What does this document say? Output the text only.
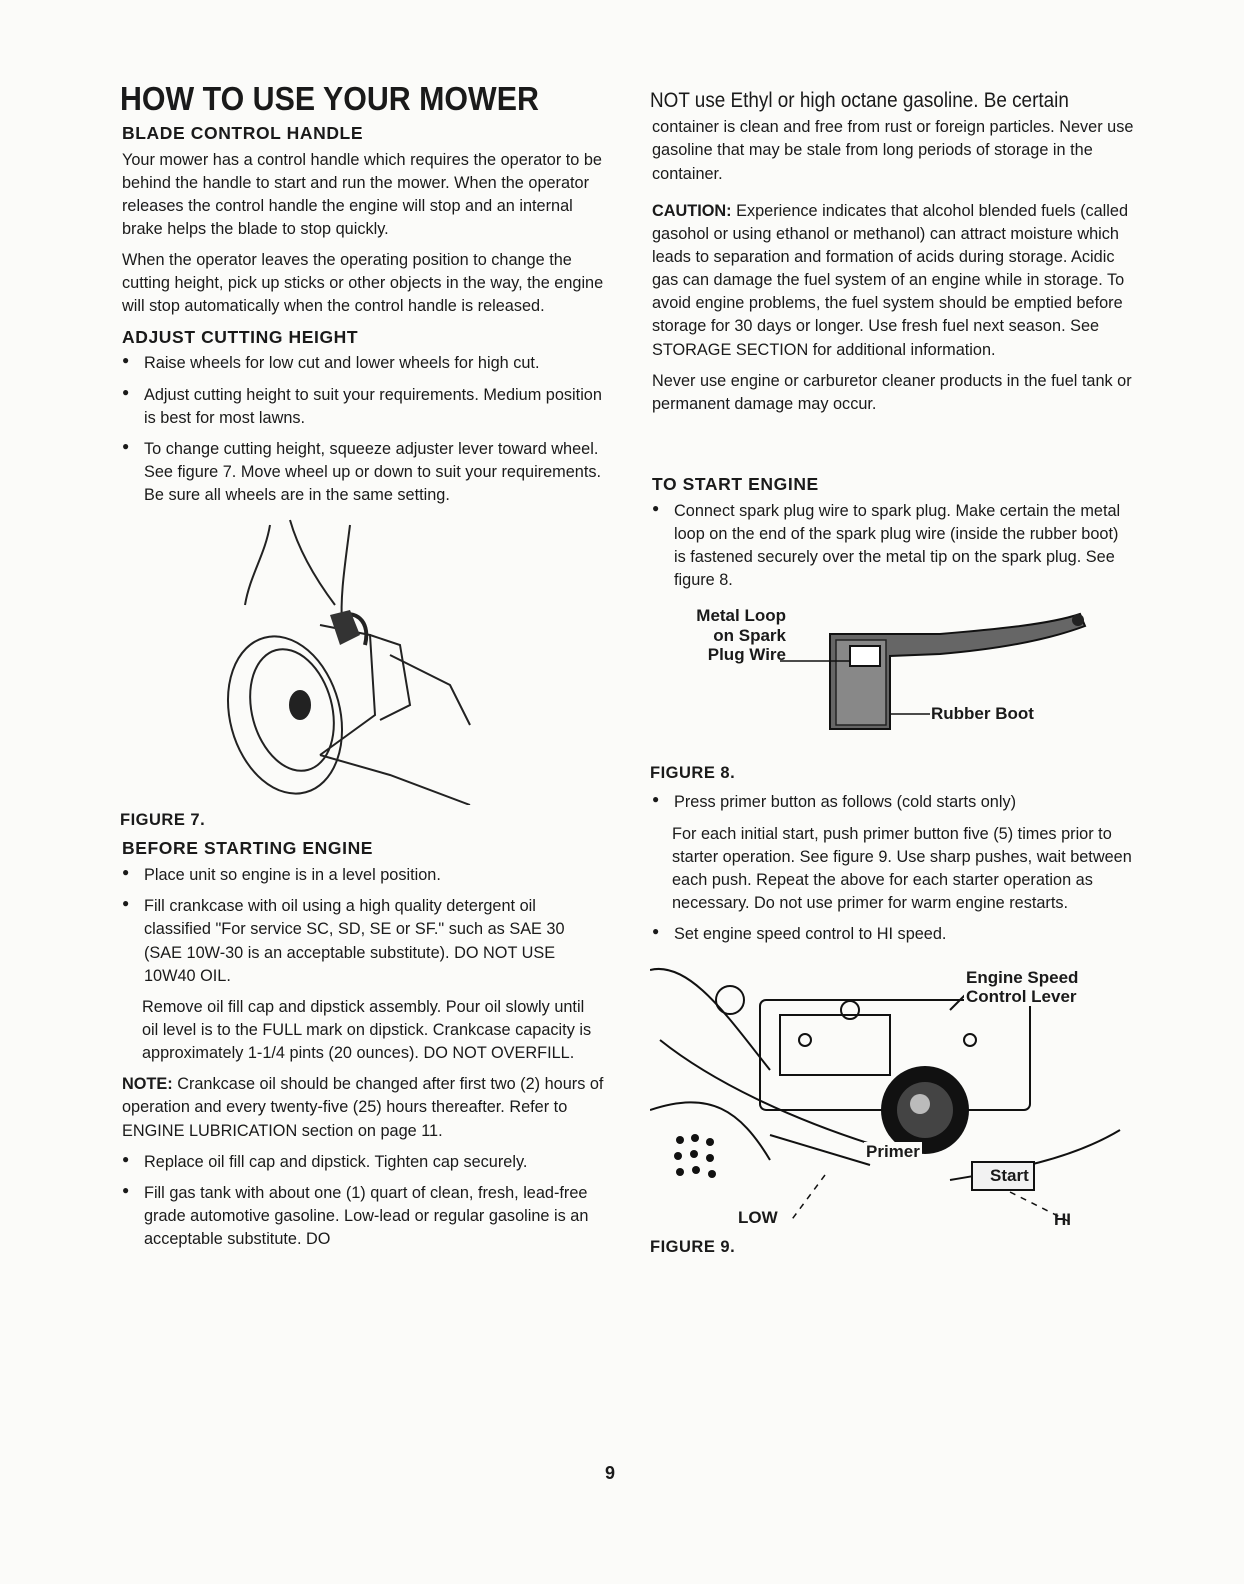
HOW TO USE YOUR MOWER
BLADE CONTROL HANDLE

Your mower has a control handle which requires the operator to be behind the handle to start and run the mower. When the operator releases the control handle the engine will stop and an internal brake helps the blade to stop quickly.

When the operator leaves the operating position to change the cutting height, pick up sticks or other objects in the way, the engine will stop automatically when the control handle is released.

ADJUST CUTTING HEIGHT
● Raise wheels for low cut and lower wheels for high cut.
● Adjust cutting height to suit your requirements. Medium position is best for most lawns.
● To change cutting height, squeeze adjuster lever toward wheel. See figure 7. Move wheel up or down to suit your requirements. Be sure all wheels are in the same setting.
FIGURE 7.
BEFORE STARTING ENGINE
● Place unit so engine is in a level position.
● Fill crankcase with oil using a high quality detergent oil classified "For service SC, SD, SE or SF." such as SAE 30 (SAE 10W-30 is an acceptable substitute). DO NOT USE 10W40 OIL.
Remove oil fill cap and dipstick assembly. Pour oil slowly until oil level is to the FULL mark on dipstick. Crankcase capacity is approximately 1-1/4 pints (20 ounces). DO NOT OVERFILL.

NOTE: Crankcase oil should be changed after first two (2) hours of operation and every twenty-five (25) hours thereafter. Refer to ENGINE LUBRICATION section on page 11.

● Replace oil fill cap and dipstick. Tighten cap securely.
● Fill gas tank with about one (1) quart of clean, fresh, lead-free grade automotive gasoline. Low-lead or regular gasoline is an acceptable substitute. DO
NOT use Ethyl or high octane gasoline. Be certain

container is clean and free from rust or foreign particles. Never use gasoline that may be stale from long periods of storage in the container.

CAUTION: Experience indicates that alcohol blended fuels (called gasohol or using ethanol or methanol) can attract moisture which leads to separation and formation of acids during storage. Acidic gas can damage the fuel system of an engine while in storage. To avoid engine problems, the fuel system should be emptied before storage for 30 days or longer. Use fresh fuel next season. See STORAGE SECTION for additional information.

Never use engine or carburetor cleaner products in the fuel tank or permanent damage may occur.

TO START ENGINE
● Connect spark plug wire to spark plug. Make certain the metal loop on the end of the spark plug wire (inside the rubber boot) is fastened securely over the metal tip on the spark plug. See figure 8.
Metal Loop
on Spark
Plug Wire
Rubber Boot
FIGURE 8.
● Press primer button as follows (cold starts only)
For each initial start, push primer button five (5) times prior to starter operation. See figure 9. Use sharp pushes, wait between each push. Repeat the above for each starter operation as necessary. Do not use primer for warm engine restarts.
● Set engine speed control to HI speed.
Engine Speed
Control Lever
Primer
Start
LOW	HI
FIGURE 9.
9
